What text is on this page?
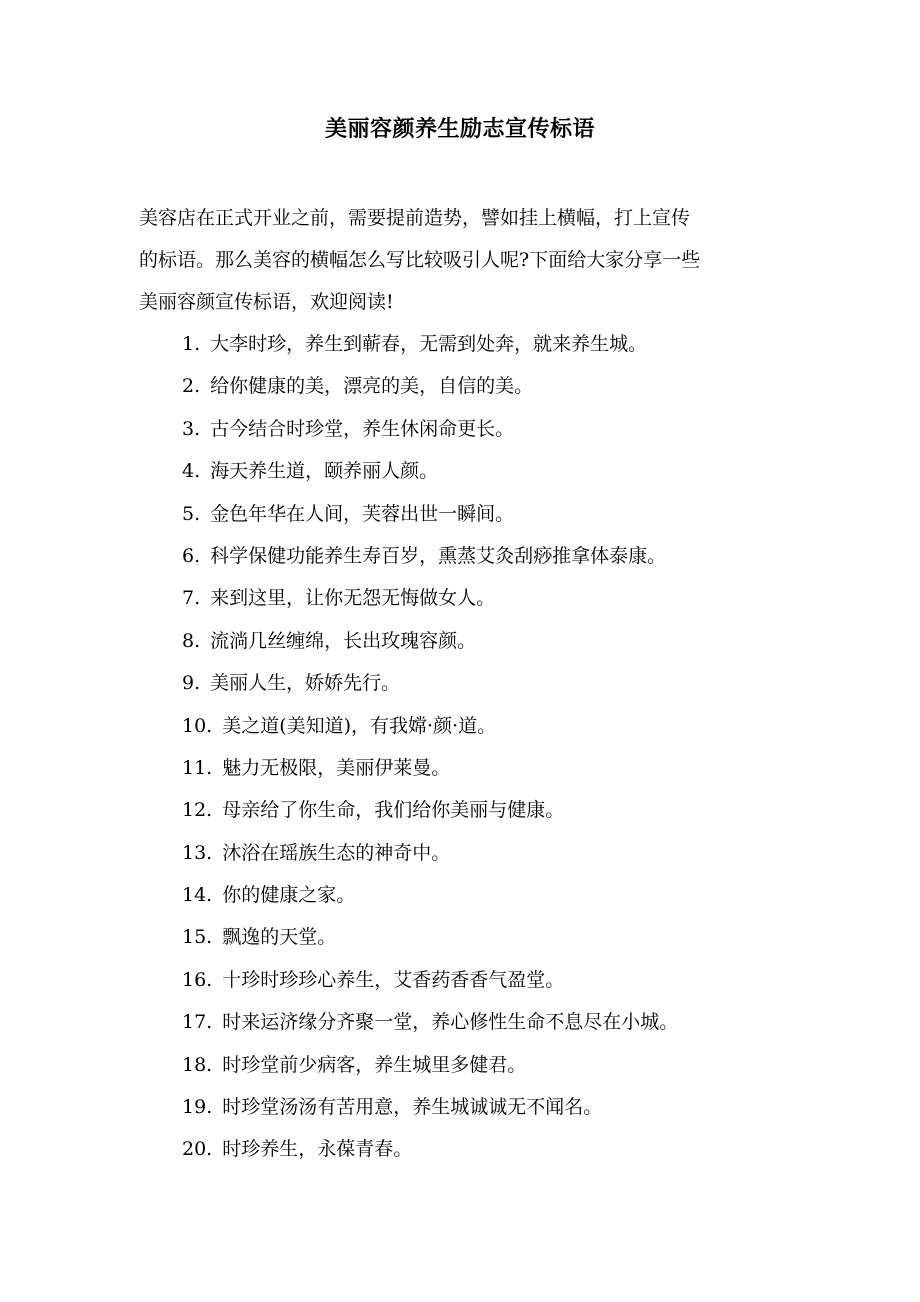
美丽容颜养生励志宣传标语

美容店在正式开业之前，需要提前造势，譬如挂上横幅，打上宣传
的标语。那么美容的横幅怎么写比较吸引人呢?下面给大家分享一些
美丽容颜宣传标语，欢迎阅读!

1. 大李时珍，养生到蕲春，无需到处奔，就来养生城。
2. 给你健康的美，漂亮的美，自信的美。
3. 古今结合时珍堂，养生休闲命更长。
4. 海天养生道，颐养丽人颜。
5. 金色年华在人间，芙蓉出世一瞬间。
6. 科学保健功能养生寿百岁，熏蒸艾灸刮痧推拿体泰康。
7. 来到这里，让你无怨无悔做女人。
8. 流淌几丝缠绵，长出玫瑰容颜。
9. 美丽人生，娇娇先行。
10. 美之道(美知道)，有我嫦·颜·道。
11. 魅力无极限，美丽伊莱曼。
12. 母亲给了你生命，我们给你美丽与健康。
13. 沐浴在瑶族生态的神奇中。
14. 你的健康之家。
15. 飘逸的天堂。
16. 十珍时珍珍心养生，艾香药香香气盈堂。
17. 时来运济缘分齐聚一堂，养心修性生命不息尽在小城。
18. 时珍堂前少病客，养生城里多健君。
19. 时珍堂汤汤有苦用意，养生城诚诚无不闻名。
20. 时珍养生，永葆青春。
